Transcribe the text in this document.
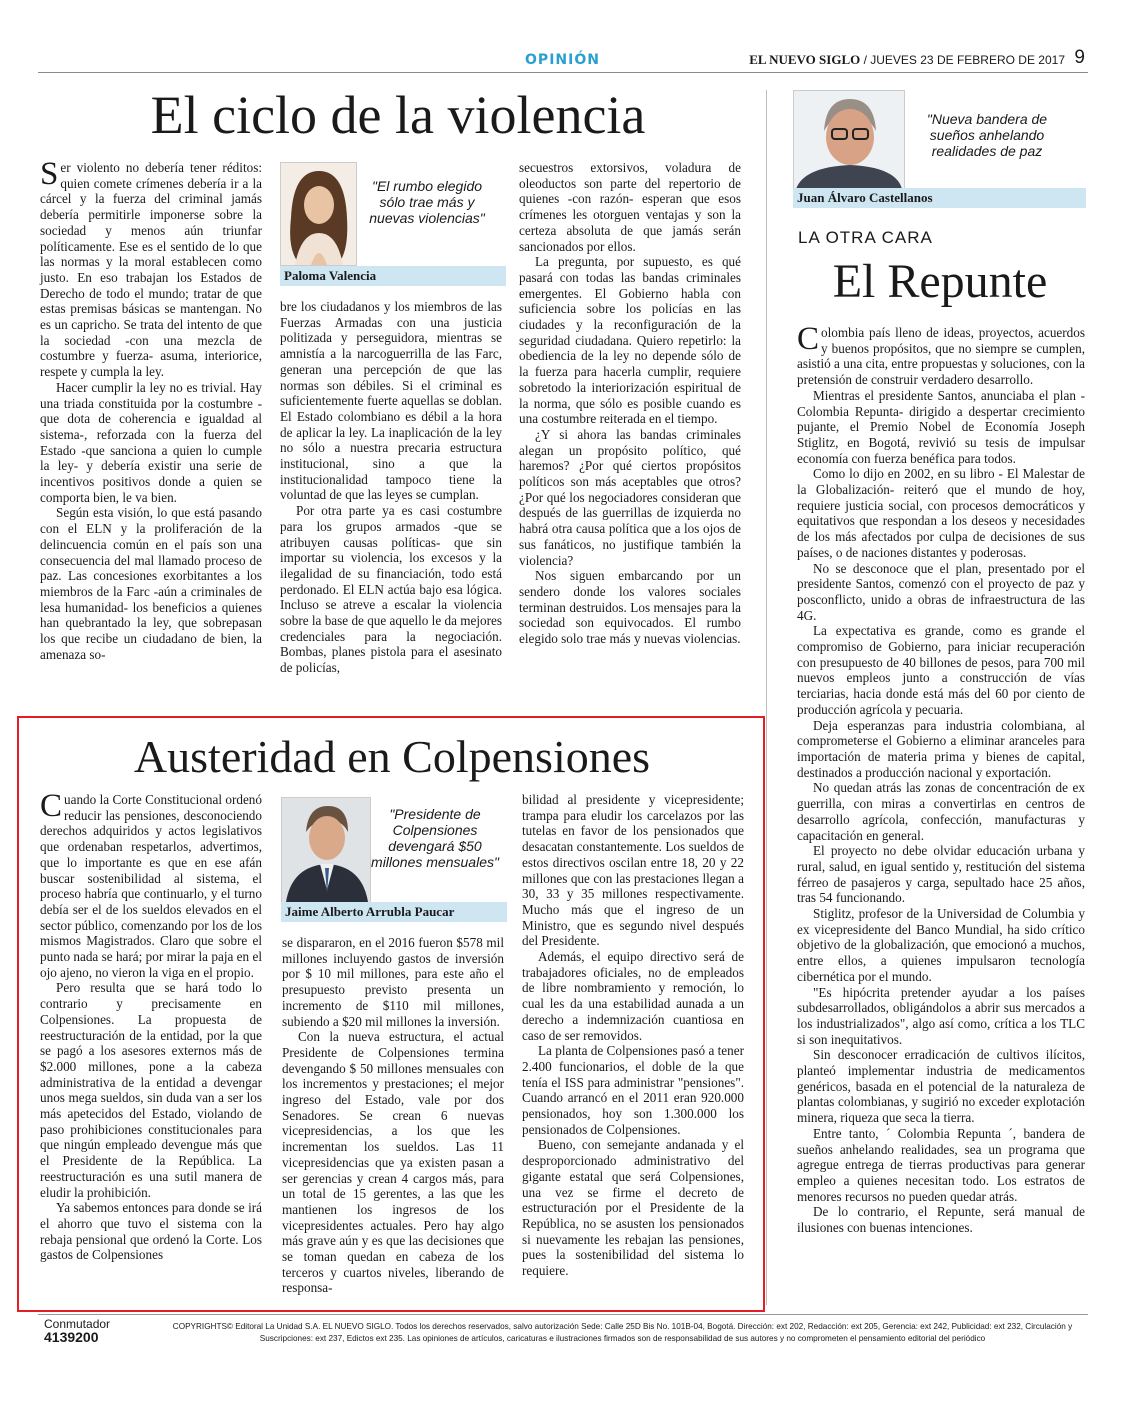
OPINIÓN	EL NUEVO SIGLO / JUEVES 23 DE FEBRERO DE 2017 9
El ciclo de la violencia

Ser violento no debería tener réditos: quien comete crímenes debería ir a la cárcel y la fuerza del criminal jamás debería permitirle imponerse sobre la sociedad y menos aún triunfar políticamente. Ese es el sentido de lo que las normas y la moral establecen como justo. En eso trabajan los Estados de Derecho de todo el mundo; tratar de que estas premisas básicas se mantengan. No es un capricho. Se trata del intento de que la sociedad -con una mezcla de costumbre y fuerza- asuma, interiorice, respete y cumpla la ley.

Hacer cumplir la ley no es trivial. Hay una triada constituida por la costumbre -que dota de coherencia e igualdad al sistema-, reforzada con la fuerza del Estado -que sanciona a quien lo cumple la ley- y debería existir una serie de incentivos positivos donde a quien se comporta bien, le va bien.

Según esta visión, lo que está pasando con el ELN y la proliferación de la delincuencia común en el país son una consecuencia del mal llamado proceso de paz. Las concesiones exorbitantes a los miembros de la Farc -aún a criminales de lesa humanidad- los beneficios a quienes han quebrantado la ley, que sobrepasan los que recibe un ciudadano de bien, la amenaza so-

"El rumbo elegido sólo trae más y nuevas violencias"
Paloma Valencia

bre los ciudadanos y los miembros de las Fuerzas Armadas con una justicia politizada y perseguidora, mientras se amnistía a la narcoguerrilla de las Farc, generan una percepción de que las normas son débiles. Si el criminal es suficientemente fuerte aquellas se doblan. El Estado colombiano es débil a la hora de aplicar la ley. La inaplicación de la ley no sólo a nuestra precaria estructura institucional, sino a que la institucionalidad tampoco tiene la voluntad de que las leyes se cumplan.

Por otra parte ya es casi costumbre para los grupos armados -que se atribuyen causas políticas- que sin importar su violencia, los excesos y la ilegalidad de su financiación, todo está perdonado. El ELN actúa bajo esa lógica. Incluso se atreve a escalar la violencia sobre la base de que aquello le da mejores credenciales para la negociación. Bombas, planes pistola para el asesinato de policías,

secuestros extorsivos, voladura de oleoductos son parte del repertorio de quienes -con razón- esperan que esos crímenes les otorguen ventajas y son la certeza absoluta de que jamás serán sancionados por ellos.

La pregunta, por supuesto, es qué pasará con todas las bandas criminales emergentes. El Gobierno habla con suficiencia sobre los policías en las ciudades y la reconfiguración de la seguridad ciudadana. Quiero repetirlo: la obediencia de la ley no depende sólo de la fuerza para hacerla cumplir, requiere sobretodo la interiorización espiritual de la norma, que sólo es posible cuando es una costumbre reiterada en el tiempo.

¿Y si ahora las bandas criminales alegan un propósito político, qué haremos? ¿Por qué ciertos propósitos políticos son más aceptables que otros? ¿Por qué los negociadores consideran que después de las guerrillas de izquierda no habrá otra causa política que a los ojos de sus fanáticos, no justifique también la violencia?

Nos siguen embarcando por un sendero donde los valores sociales terminan destruidos. Los mensajes para la sociedad son equivocados. El rumbo elegido solo trae más y nuevas violencias.

Austeridad en Colpensiones

Cuando la Corte Constitucional ordenó reducir las pensiones, desconociendo derechos adquiridos y actos legislativos que ordenaban respetarlos, advertimos, que lo importante es que en ese afán buscar sostenibilidad al sistema, el proceso habría que continuarlo, y el turno debía ser el de los sueldos elevados en el sector público, comenzando por los de los mismos Magistrados. Claro que sobre el punto nada se hará; por mirar la paja en el ojo ajeno, no vieron la viga en el propio.

Pero resulta que se hará todo lo contrario y precisamente en Colpensiones. La propuesta de reestructuración de la entidad, por la que se pagó a los asesores externos más de $2.000 millones, pone a la cabeza administrativa de la entidad a devengar unos mega sueldos, sin duda van a ser los más apetecidos del Estado, violando de paso prohibiciones constitucionales para que ningún empleado devengue más que el Presidente de la República. La reestructuración es una sutil manera de eludir la prohibición.

Ya sabemos entonces para donde se irá el ahorro que tuvo el sistema con la rebaja pensional que ordenó la Corte. Los gastos de Colpensiones

"Presidente de Colpensiones devengará $50 millones mensuales"
Jaime Alberto Arrubla Paucar

se dispararon, en el 2016 fueron $578 mil millones incluyendo gastos de inversión por $ 10 mil millones, para este año el presupuesto previsto presenta un incremento de $110 mil millones, subiendo a $20 mil millones la inversión.

Con la nueva estructura, el actual Presidente de Colpensiones termina devengando $ 50 millones mensuales con los incrementos y prestaciones; el mejor ingreso del Estado, vale por dos Senadores. Se crean 6 nuevas vicepresidencias, a los que les incrementan los sueldos. Las 11 vicepresidencias que ya existen pasan a ser gerencias y crean 4 cargos más, para un total de 15 gerentes, a las que les mantienen los ingresos de los vicepresidentes actuales. Pero hay algo más grave aún y es que las decisiones que se toman quedan en cabeza de los terceros y cuartos niveles, liberando de responsa-

bilidad al presidente y vicepresidente; trampa para eludir los carcelazos por las tutelas en favor de los pensionados que desacatan constantemente. Los sueldos de estos directivos oscilan entre 18, 20 y 22 millones que con las prestaciones llegan a 30, 33 y 35 millones respectivamente. Mucho más que el ingreso de un Ministro, que es segundo nivel después del Presidente.

Además, el equipo directivo será de trabajadores oficiales, no de empleados de libre nombramiento y remoción, lo cual les da una estabilidad aunada a un derecho a indemnización cuantiosa en caso de ser removidos.

La planta de Colpensiones pasó a tener 2.400 funcionarios, el doble de la que tenía el ISS para administrar "pensiones". Cuando arrancó en el 2011 eran 920.000 pensionados, hoy son 1.300.000 los pensionados de Colpensiones.

Bueno, con semejante andanada y el desproporcionado administrativo del gigante estatal que será Colpensiones, una vez se firme el decreto de estructuración por el Presidente de la República, no se asusten los pensionados si nuevamente les rebajan las pensiones, pues la sostenibilidad del sistema lo requiere.

"Nueva bandera de sueños anhelando realidades de paz
Juan Álvaro Castellanos
LA OTRA CARA
El Repunte

Colombia país lleno de ideas, proyectos, acuerdos y buenos propósitos, que no siempre se cumplen, asistió a una cita, entre propuestas y soluciones, con la pretensión de construir verdadero desarrollo.

Mientras el presidente Santos, anunciaba el plan -Colombia Repunta- dirigido a despertar crecimiento pujante, el Premio Nobel de Economía Joseph Stiglitz, en Bogotá, revivió su tesis de impulsar economía con fuerza benéfica para todos.

Como lo dijo en 2002, en su libro - El Malestar de la Globalización- reiteró que el mundo de hoy, requiere justicia social, con procesos democráticos y equitativos que respondan a los deseos y necesidades de los más afectados por culpa de decisiones de sus países, o de naciones distantes y poderosas.

No se desconoce que el plan, presentado por el presidente Santos, comenzó con el proyecto de paz y posconflicto, unido a obras de infraestructura de las 4G.

La expectativa es grande, como es grande el compromiso de Gobierno, para iniciar recuperación con presupuesto de 40 billones de pesos, para 700 mil nuevos empleos junto a construcción de vías terciarias, hacia donde está más del 60 por ciento de producción agrícola y pecuaria.

Deja esperanzas para industria colombiana, al comprometerse el Gobierno a eliminar aranceles para importación de materia prima y bienes de capital, destinados a producción nacional y exportación.

No quedan atrás las zonas de concentración de ex guerrilla, con miras a convertirlas en centros de desarrollo agrícola, confección, manufacturas y capacitación en general.

El proyecto no debe olvidar educación urbana y rural, salud, en igual sentido y, restitución del sistema férreo de pasajeros y carga, sepultado hace 25 años, tras 54 funcionando.

Stiglitz, profesor de la Universidad de Columbia y ex vicepresidente del Banco Mundial, ha sido crítico objetivo de la globalización, que emocionó a muchos, entre ellos, a quienes impulsaron tecnología cibernética por el mundo.

"Es hipócrita pretender ayudar a los países subdesarrollados, obligándolos a abrir sus mercados a los industrializados", algo así como, crítica a los TLC si son inequitativos.

Sin desconocer erradicación de cultivos ilícitos, planteó implementar industria de medicamentos genéricos, basada en el potencial de la naturaleza de plantas colombianas, y sugirió no exceder explotación minera, riqueza que seca la tierra.

Entre tanto, ´ Colombia Repunta ´, bandera de sueños anhelando realidades, sea un programa que agregue entrega de tierras productivas para generar empleo a quienes necesitan todo. Los estratos de menores recursos no pueden quedar atrás.

De lo contrario, el Repunte, será manual de ilusiones con buenas intenciones.

Conmutador
4139200
COPYRIGHTS© Editoral La Unidad S.A. EL NUEVO SIGLO. Todos los derechos reservados, salvo autorización Sede: Calle 25D Bis No. 101B-04, Bogotá. Dirección: ext 202, Redacción: ext 205, Gerencia: ext 242, Publicidad: ext 232, Circulación y Suscripciones: ext 237, Edictos ext 235. Las opiniones de artículos, caricaturas e ilustraciones firmados son de responsabilidad de sus autores y no comprometen el pensamiento editorial del periódico
